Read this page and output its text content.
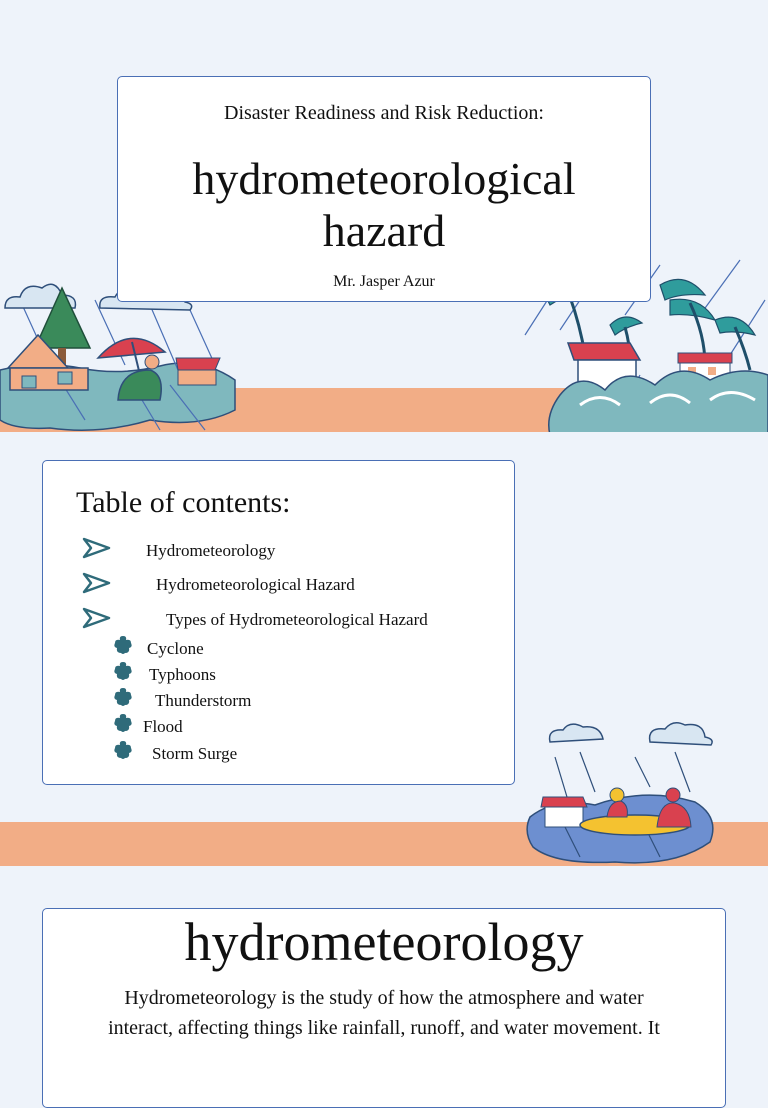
Disaster Readiness and Risk Reduction:
hydrometeorological
hazard
Mr. Jasper Azur
Table of contents:
Hydrometeorology
Hydrometeorological Hazard
Types of Hydrometeorological Hazard
Cyclone
Typhoons
Thunderstorm
Flood
Storm Surge
hydrometeorology
Hydrometeorology is the study of how the atmosphere and water
interact, affecting things like rainfall, runoff, and water movement. It
